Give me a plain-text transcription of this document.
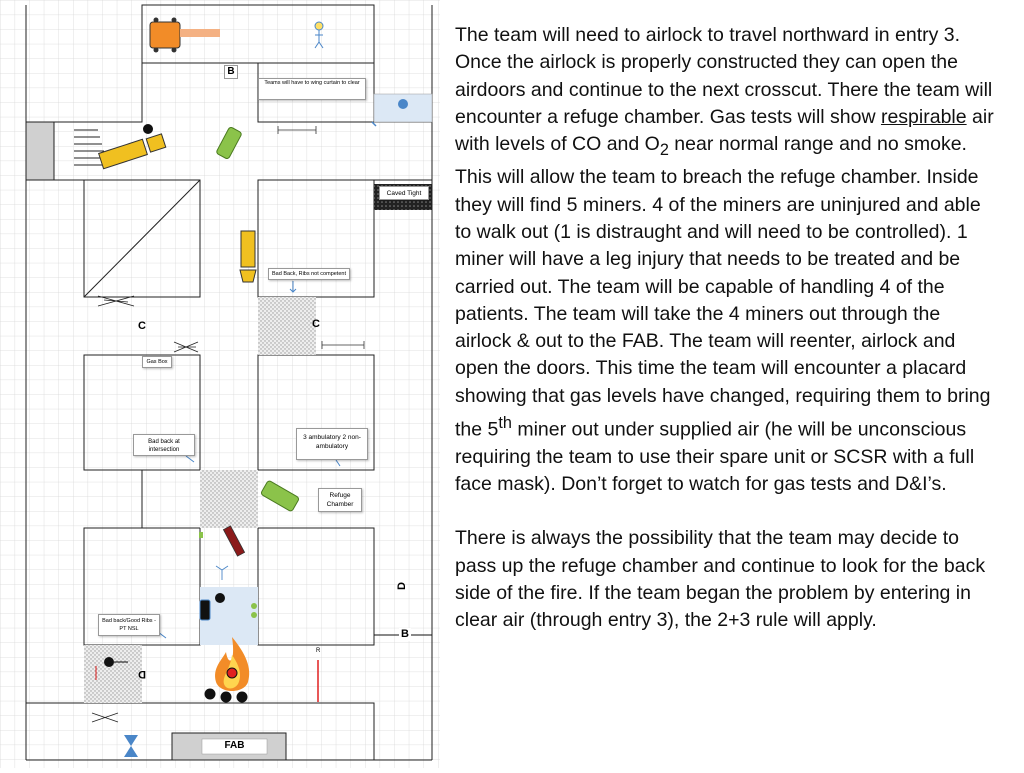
B
B
C	C
D
D
R
FAB
Teams will have to wing curtain to clear
Caved Tight
Bad Back, Ribs not competent
Gas Box
Bad back at intersection
3 ambulatory 2 non-ambulatory
Refuge Chamber
Bad back/Good Ribs - PT NSL

The team will need to airlock to travel northward in entry 3. Once the airlock is properly constructed they can open the airdoors and continue to the next crosscut. There the team will encounter a refuge chamber. Gas tests will show respirable air with levels of CO and $O_2$ near normal range and no smoke. This will allow the team to breach the refuge chamber. Inside they will find 5 miners. 4 of the miners are uninjured and able to walk out (1 is distraught and will need to be controlled). 1 miner will have a leg injury that needs to be treated and be carried out. The team will be capable of handling 4 of the patients. The team will take the 4 miners out through the airlock & out to the FAB. The team will reenter, airlock and open the doors. This time the team will encounter a placard showing that gas levels have changed, requiring them to bring the 5th miner out under supplied air (he will be unconscious requiring the team to use their spare unit or SCSR with a full face mask). Don’t forget to watch for gas tests and D&I’s.

There is always the possibility that the team may decide to pass up the refuge chamber and continue to look for the back side of the fire. If the team began the problem by entering in clear air (through entry 3), the 2+3 rule will apply.
